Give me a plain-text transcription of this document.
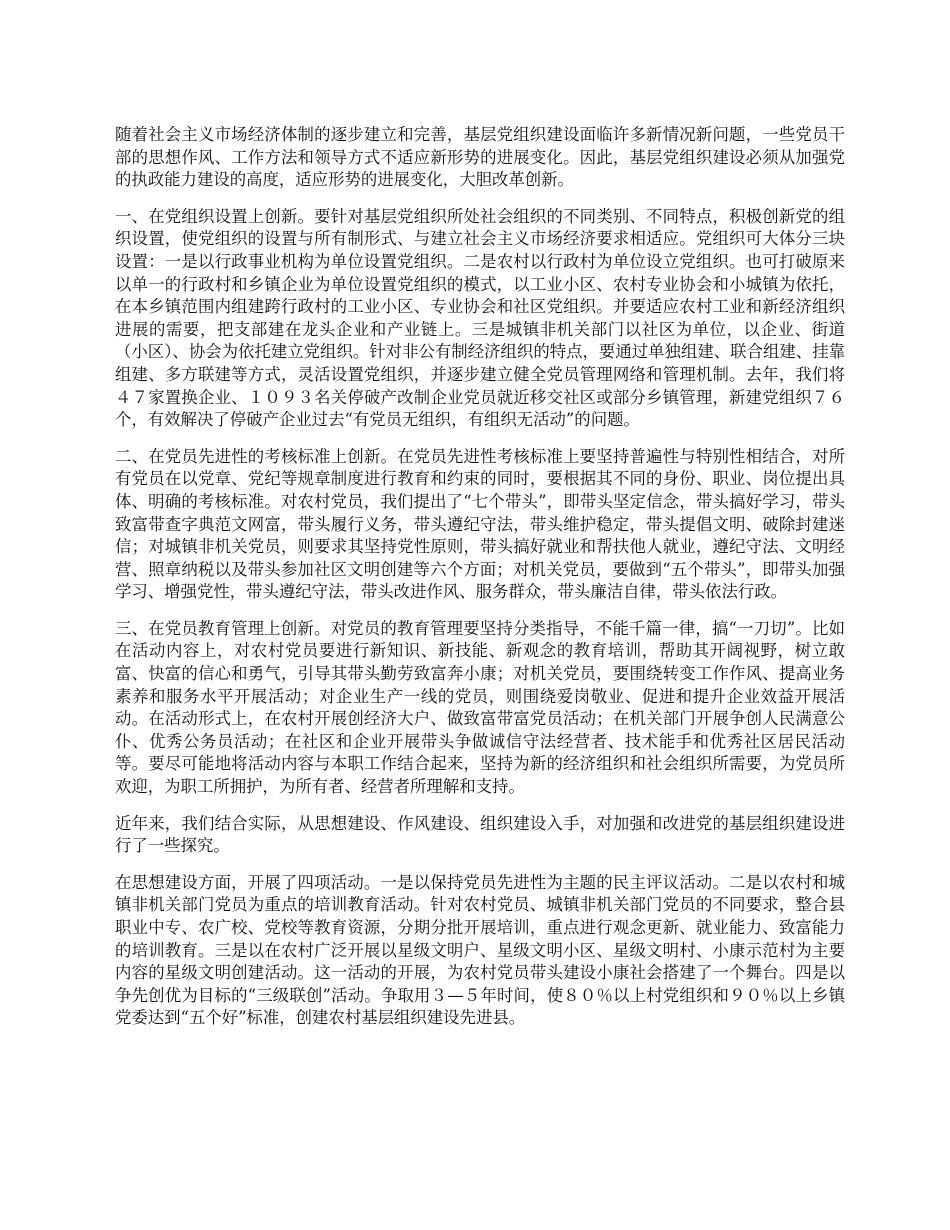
随着社会主义市场经济体制的逐步建立和完善，基层党组织建设面临许多新情况新问题，一些党员干部的思想作风、工作方法和领导方式不适应新形势的进展变化。因此，基层党组织建设必须从加强党的执政能力建设的高度，适应形势的进展变化，大胆改革创新。

一、在党组织设置上创新。要针对基层党组织所处社会组织的不同类别、不同特点，积极创新党的组织设置，使党组织的设置与所有制形式、与建立社会主义市场经济要求相适应。党组织可大体分三块设置：一是以行政事业机构为单位设置党组织。二是农村以行政村为单位设立党组织。也可打破原来以单一的行政村和乡镇企业为单位设置党组织的模式，以工业小区、农村专业协会和小城镇为依托，在本乡镇范围内组建跨行政村的工业小区、专业协会和社区党组织。并要适应农村工业和新经济组织进展的需要，把支部建在龙头企业和产业链上。三是城镇非机关部门以社区为单位，以企业、街道（小区）、协会为依托建立党组织。针对非公有制经济组织的特点，要通过单独组建、联合组建、挂靠组建、多方联建等方式，灵活设置党组织，并逐步建立健全党员管理网络和管理机制。去年，我们将４７家置换企业、１０９３名关停破产改制企业党员就近移交社区或部分乡镇管理，新建党组织７６个，有效解决了停破产企业过去“有党员无组织，有组织无活动”的问题。

二、在党员先进性的考核标准上创新。在党员先进性考核标准上要坚持普遍性与特别性相结合，对所有党员在以党章、党纪等规章制度进行教育和约束的同时，要根据其不同的身份、职业、岗位提出具体、明确的考核标准。对农村党员，我们提出了“七个带头”，即带头坚定信念，带头搞好学习，带头致富带查字典范文网富，带头履行义务，带头遵纪守法，带头维护稳定，带头提倡文明、破除封建迷信；对城镇非机关党员，则要求其坚持党性原则，带头搞好就业和帮扶他人就业，遵纪守法、文明经营、照章纳税以及带头参加社区文明创建等六个方面；对机关党员，要做到“五个带头”，即带头加强学习、增强党性，带头遵纪守法，带头改进作风、服务群众，带头廉洁自律，带头依法行政。

三、在党员教育管理上创新。对党员的教育管理要坚持分类指导，不能千篇一律，搞“一刀切”。比如在活动内容上，对农村党员要进行新知识、新技能、新观念的教育培训，帮助其开阔视野，树立敢富、快富的信心和勇气，引导其带头勤劳致富奔小康；对机关党员，要围绕转变工作作风、提高业务素养和服务水平开展活动；对企业生产一线的党员，则围绕爱岗敬业、促进和提升企业效益开展活动。在活动形式上，在农村开展创经济大户、做致富带富党员活动；在机关部门开展争创人民满意公仆、优秀公务员活动；在社区和企业开展带头争做诚信守法经营者、技术能手和优秀社区居民活动等。要尽可能地将活动内容与本职工作结合起来，坚持为新的经济组织和社会组织所需要，为党员所欢迎，为职工所拥护，为所有者、经营者所理解和支持。

近年来，我们结合实际，从思想建设、作风建设、组织建设入手，对加强和改进党的基层组织建设进行了一些探究。

在思想建设方面，开展了四项活动。一是以保持党员先进性为主题的民主评议活动。二是以农村和城镇非机关部门党员为重点的培训教育活动。针对农村党员、城镇非机关部门党员的不同要求，整合县职业中专、农广校、党校等教育资源，分期分批开展培训，重点进行观念更新、就业能力、致富能力的培训教育。三是以在农村广泛开展以星级文明户、星级文明小区、星级文明村、小康示范村为主要内容的星级文明创建活动。这一活动的开展，为农村党员带头建设小康社会搭建了一个舞台。四是以争先创优为目标的“三级联创”活动。争取用３—５年时间，使８０％以上村党组织和９０％以上乡镇党委达到“五个好”标准，创建农村基层组织建设先进县。
